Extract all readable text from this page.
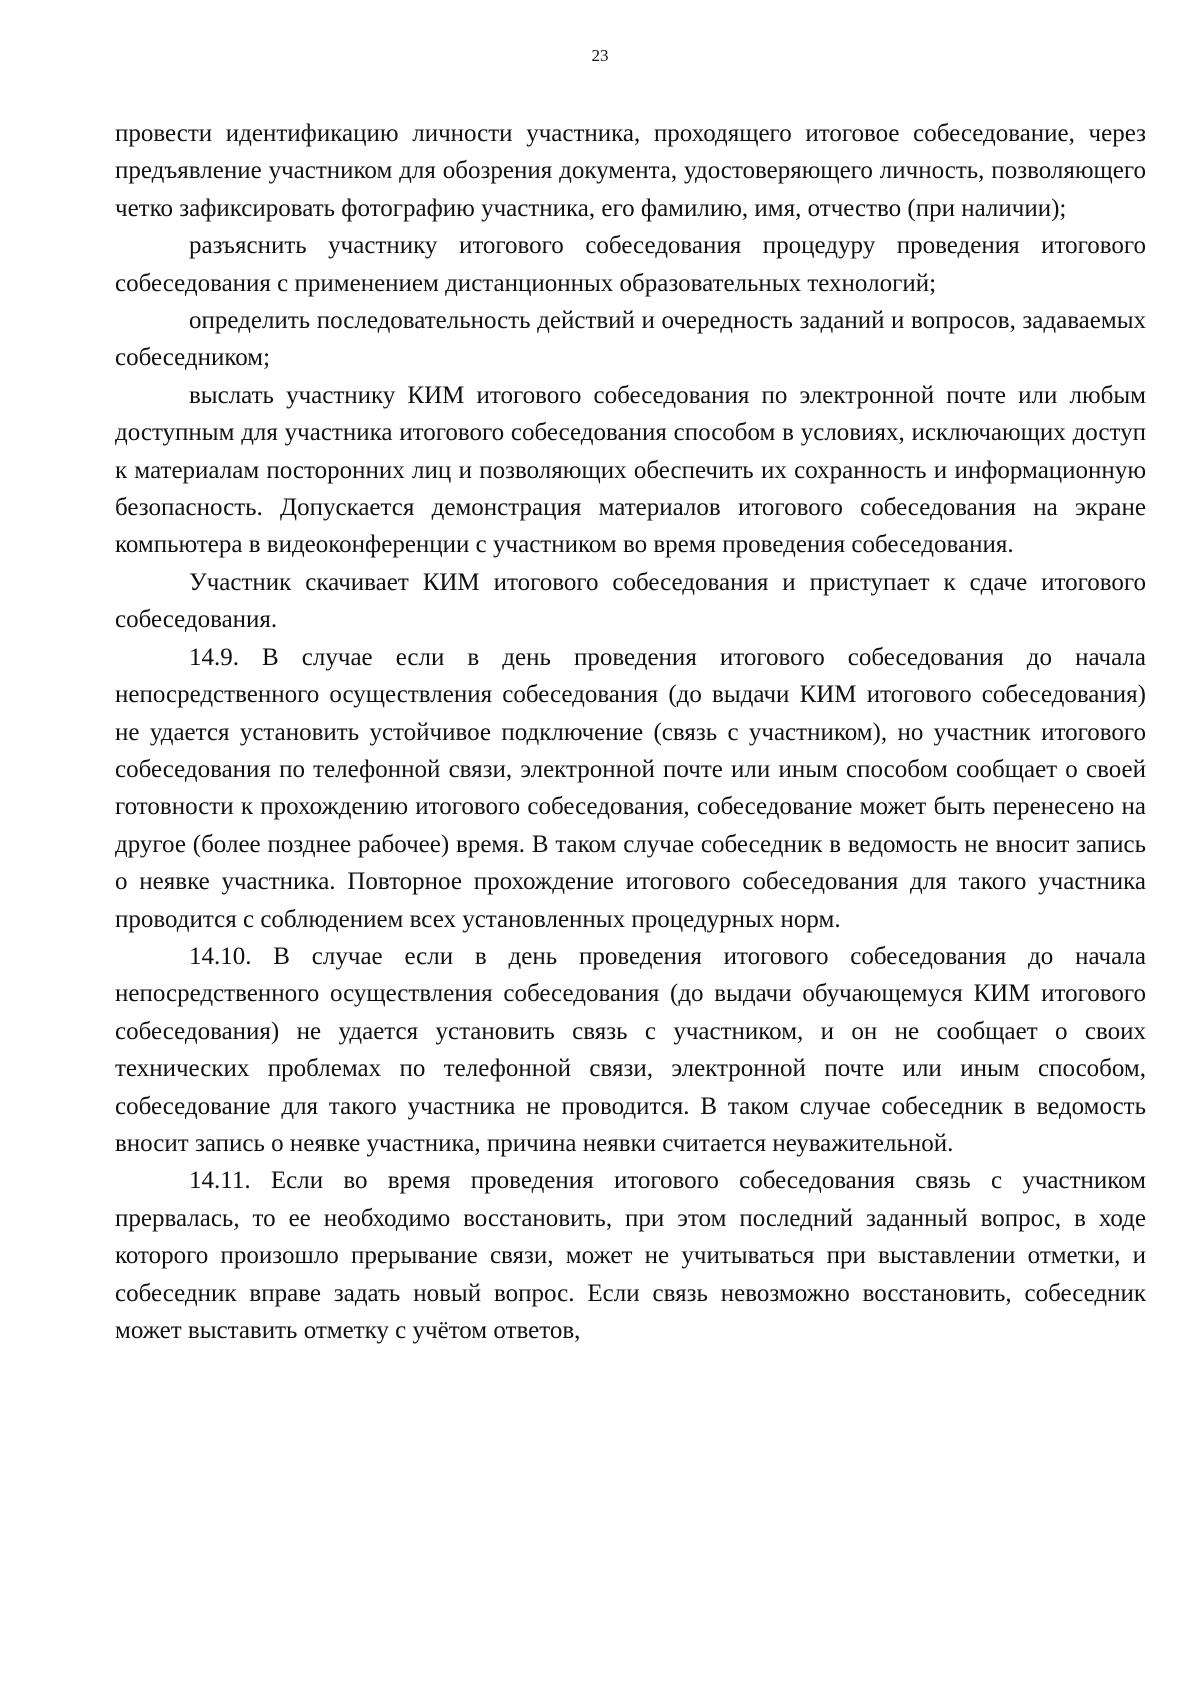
23

провести идентификацию личности участника, проходящего итоговое собеседование, через предъявление участником для обозрения документа, удостоверяющего личность, позволяющего четко зафиксировать фотографию участника, его фамилию, имя, отчество (при наличии);

разъяснить участнику итогового собеседования процедуру проведения итогового собеседования с применением дистанционных образовательных технологий;

определить последовательность действий и очередность заданий и вопросов, задаваемых собеседником;

выслать участнику КИМ итогового собеседования по электронной почте или любым доступным для участника итогового собеседования способом в условиях, исключающих доступ к материалам посторонних лиц и позволяющих обеспечить их сохранность и информационную безопасность. Допускается демонстрация материалов итогового собеседования на экране компьютера в видеоконференции с участником во время проведения собеседования.

Участник скачивает КИМ итогового собеседования и приступает к сдаче итогового собеседования.

14.9. В случае если в день проведения итогового собеседования до начала непосредственного осуществления собеседования (до выдачи КИМ итогового собеседования) не удается установить устойчивое подключение (связь с участником), но участник итогового собеседования по телефонной связи, электронной почте или иным способом сообщает о своей готовности к прохождению итогового собеседования, собеседование может быть перенесено на другое (более позднее рабочее) время. В таком случае собеседник в ведомость не вносит запись о неявке участника. Повторное прохождение итогового собеседования для такого участника проводится с соблюдением всех установленных процедурных норм.

14.10. В случае если в день проведения итогового собеседования до начала непосредственного осуществления собеседования (до выдачи обучающемуся КИМ итогового собеседования) не удается установить связь с участником, и он не сообщает о своих технических проблемах по телефонной связи, электронной почте или иным способом, собеседование для такого участника не проводится. В таком случае собеседник в ведомость вносит запись о неявке участника, причина неявки считается неуважительной.

14.11. Если во время проведения итогового собеседования связь с участником прервалась, то ее необходимо восстановить, при этом последний заданный вопрос, в ходе которого произошло прерывание связи, может не учитываться при выставлении отметки, и собеседник вправе задать новый вопрос. Если связь невозможно восстановить, собеседник может выставить отметку с учётом ответов,
